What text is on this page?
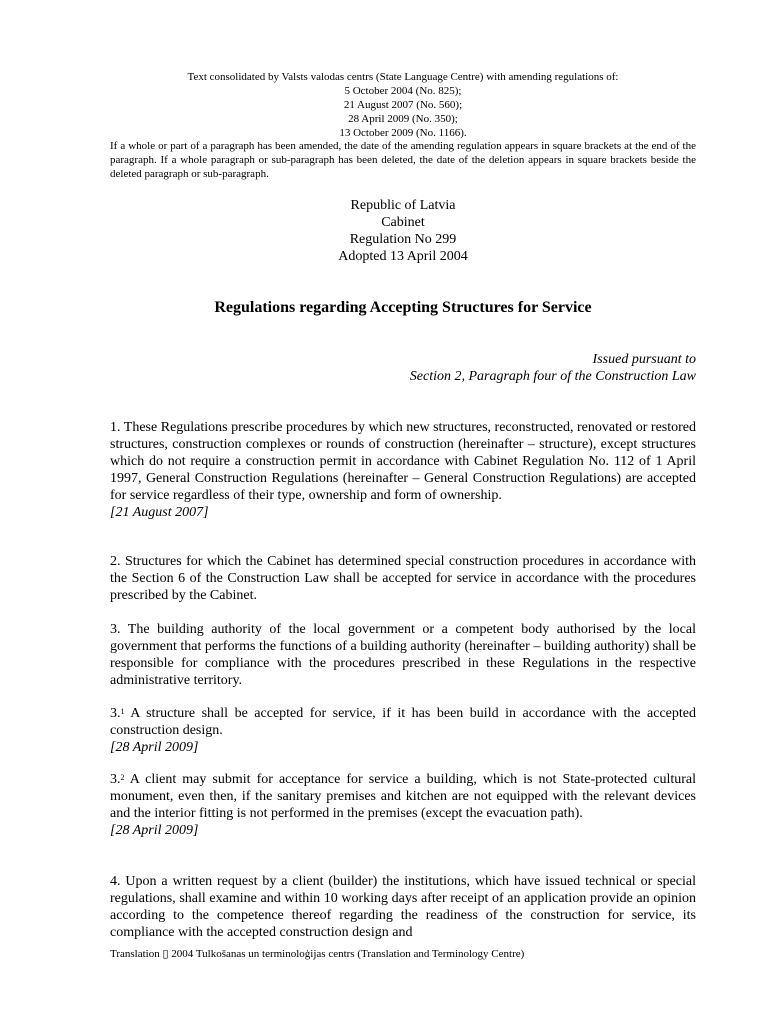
Text consolidated by Valsts valodas centrs (State Language Centre) with amending regulations of:
5 October 2004 (No. 825);
21 August 2007 (No. 560);
28 April 2009 (No. 350);
13 October 2009 (No. 1166).
If a whole or part of a paragraph has been amended, the date of the amending regulation appears in square brackets at the end of the paragraph. If a whole paragraph or sub-paragraph has been deleted, the date of the deletion appears in square brackets beside the deleted paragraph or sub-paragraph.
Republic of Latvia
Cabinet
Regulation No 299
Adopted 13 April 2004
Regulations regarding Accepting Structures for Service
Issued pursuant to
Section 2, Paragraph four of the Construction Law
1. These Regulations prescribe procedures by which new structures, reconstructed, renovated or restored structures, construction complexes or rounds of construction (hereinafter – structure), except structures which do not require a construction permit in accordance with Cabinet Regulation No. 112 of 1 April 1997, General Construction Regulations (hereinafter – General Construction Regulations) are accepted for service regardless of their type, ownership and form of ownership.
[21 August 2007]
2. Structures for which the Cabinet has determined special construction procedures in accordance with the Section 6 of the Construction Law shall be accepted for service in accordance with the procedures prescribed by the Cabinet.
3. The building authority of the local government or a competent body authorised by the local government that performs the functions of a building authority (hereinafter – building authority) shall be responsible for compliance with the procedures prescribed in these Regulations in the respective administrative territory.
3.$^1$ A structure shall be accepted for service, if it has been build in accordance with the accepted construction design.
[28 April 2009]
3.$^2$ A client may submit for acceptance for service a building, which is not State-protected cultural monument, even then, if the sanitary premises and kitchen are not equipped with the relevant devices and the interior fitting is not performed in the premises (except the evacuation path).
[28 April 2009]
4. Upon a written request by a client (builder) the institutions, which have issued technical or special regulations, shall examine and within 10 working days after receipt of an application provide an opinion according to the competence thereof regarding the readiness of the construction for service, its compliance with the accepted construction design and
Translation ▯ 2004 Tulkošanas un terminoloģijas centrs (Translation and Terminology Centre)
